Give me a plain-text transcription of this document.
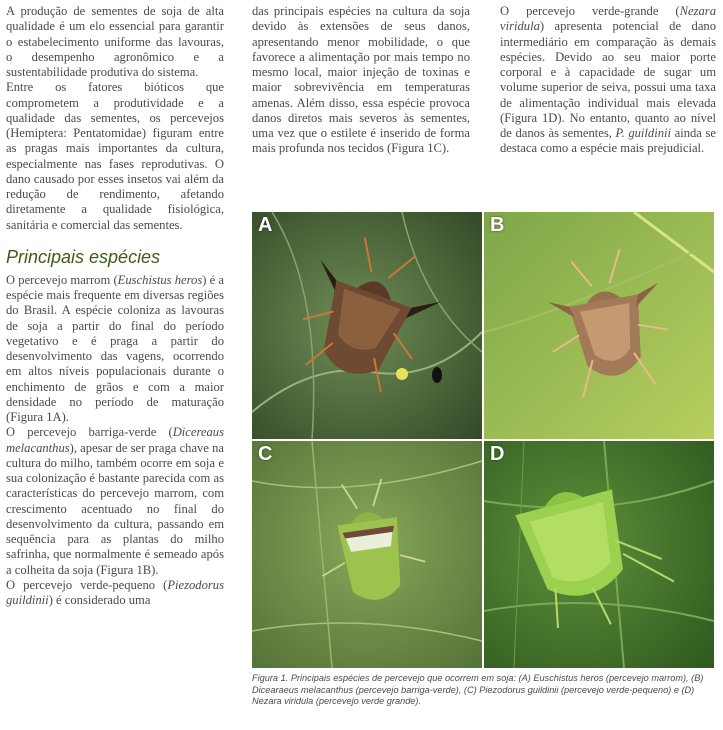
A produção de sementes de soja de alta qualidade é um elo essencial para garantir o estabelecimento uniforme das lavouras, o desempenho agronômico e a sustentabilidade produtiva do sistema.

Entre os fatores bióticos que comprometem a produtividade e a qualidade das sementes, os percevejos (Hemiptera: Pentatomidae) figuram entre as pragas mais importantes da cultura, especialmente nas fases reprodutivas. O dano causado por esses insetos vai além da redução de rendimento, afetando diretamente a qualidade fisiológica, sanitária e comercial das sementes.

Principais espécies

O percevejo marrom (Euschistus heros) é a espécie mais frequente em diversas regiões do Brasil. A espécie coloniza as lavouras de soja a partir do final do período vegetativo e é praga a partir do desenvolvimento das vagens, ocorrendo em altos níveis populacionais durante o enchimento de grãos e com a maior densidade no período de maturação (Figura 1A).

O percevejo barriga-verde (Dicereaus melacanthus), apesar de ser praga chave na cultura do milho, também ocorre em soja e sua colonização é bastante parecida com as características do percevejo marrom, com crescimento acentuado no final do desenvolvimento da cultura, passando em sequência para as plantas do milho safrinha, que normalmente é semeado após a colheita da soja (Figura 1B).

O percevejo verde-pequeno (Piezodorus guildinii) é considerado uma

das principais espécies na cultura da soja devido às extensões de seus danos, apresentando menor mobilidade, o que favorece a alimentação por mais tempo no mesmo local, maior injeção de toxinas e maior sobrevivência em temperaturas amenas. Além disso, essa espécie provoca danos diretos mais severos às sementes, uma vez que o estilete é inserido de forma mais profunda nos tecidos (Figura 1C).

O percevejo verde-grande (Nezara viridula) apresenta potencial de dano intermediário em comparação às demais espécies. Devido ao seu maior porte corporal e à capacidade de sugar um volume superior de seiva, possui uma taxa de alimentação individual mais elevada (Figura 1D). No entanto, quanto ao nível de danos às sementes, P. guildinii ainda se destaca como a espécie mais prejudicial.

A	B
C	D
Figura 1. Principais espécies de percevejo que ocorrem em soja: (A) Euschistus heros (percevejo marrom), (B) Dicearaeus melacanthus (percevejo barriga-verde), (C) Piezodorus guildinii (percevejo verde-pequeno) e (D) Nezara viridula (percevejo verde grande).
